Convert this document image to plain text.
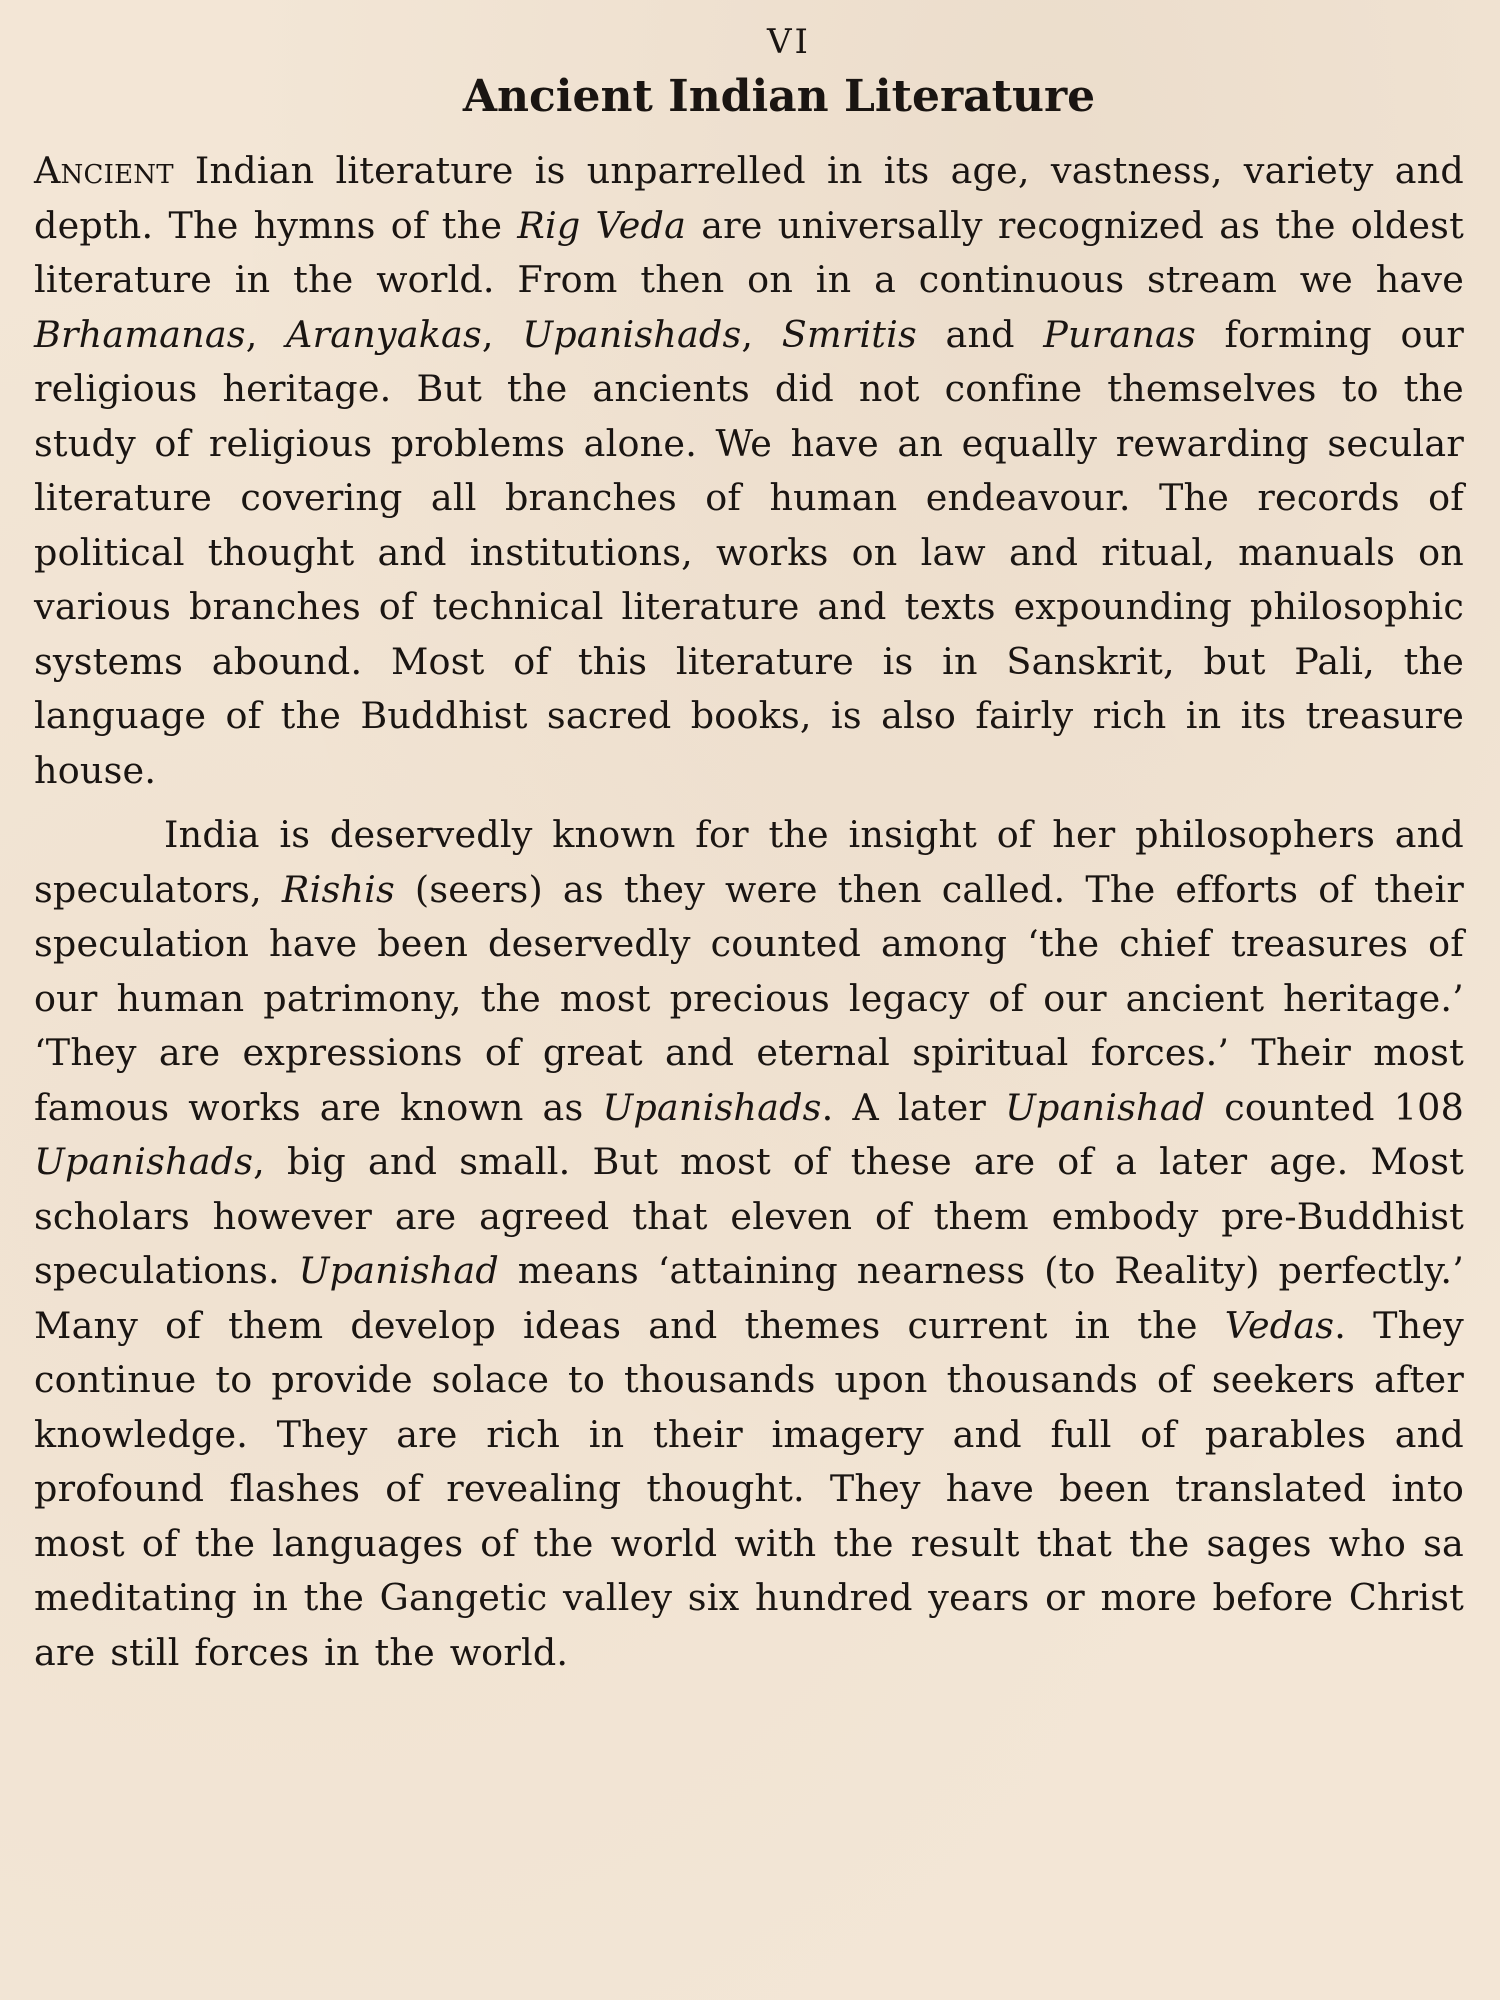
VI
Ancient Indian Literature

Ancient Indian literature is unparrelled in its age, vastness, variety and depth. The hymns of the Rig Veda are universally recognized as the oldest literature in the world. From then on in a continuous stream we have Brhamanas, Aranyakas, Upanishads, Smritis and Puranas forming our religious heritage. But the ancients did not confine themselves to the study of religious problems alone. We have an equally rewarding secular literature covering all branches of human endeavour. The records of political thought and institutions, works on law and ritual, manuals on various branches of technical literature and texts expounding philosophic systems abound. Most of this literature is in Sanskrit, but Pali, the language of the Buddhist sacred books, is also fairly rich in its treasure house.

India is deservedly known for the insight of her philosophers and speculators, Rishis (seers) as they were then called. The efforts of their speculation have been deservedly counted among ‘the chief treasures of our human patrimony, the most precious legacy of our ancient heritage.’ ‘They are expressions of great and eternal spiritual forces.’ Their most famous works are known as Upanishads. A later Upanishad counted 108 Upanishads, big and small. But most of these are of a later age. Most scholars however are agreed that eleven of them embody pre-Buddhist speculations. Upanishad means ‘attaining nearness (to Reality) perfectly.’ Many of them develop ideas and themes current in the Vedas. They continue to provide solace to thousands upon thousands of seekers after knowledge. They are rich in their imagery and full of parables and profound flashes of revealing thought. They have been translated into most of the languages of the world with the result that the sages who sa meditating in the Gangetic valley six hundred years or more before Christ are still forces in the world.
